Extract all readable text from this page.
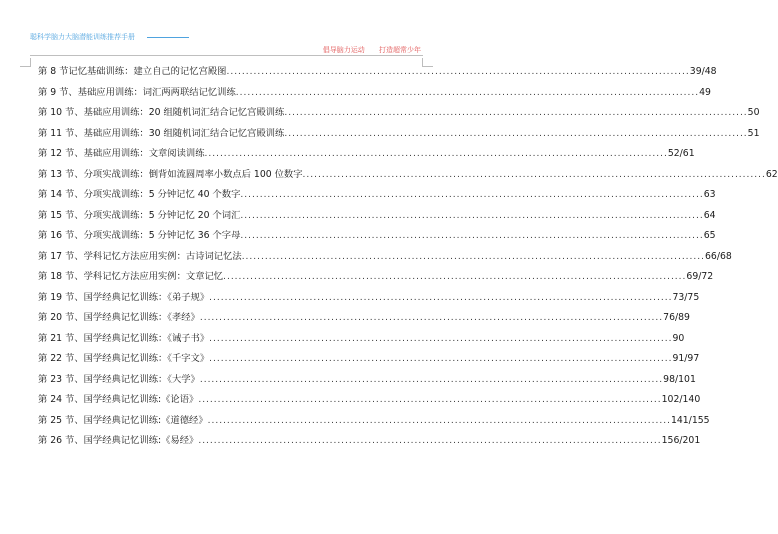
聪科学脑力大脑潜能训练推荐手册
倡导脑力运动 打造超常少年
第 8 节记忆基础训练：建立自己的记忆宫殿图 ........................................................................................................................ 39/48
第 9 节、基础应用训练：词汇两两联结记忆训练 ........................................................................................................................ 49
第 10 节、基础应用训练：20 组随机词汇结合记忆宫殿训练 ........................................................................................................................ 50
第 11 节、基础应用训练：30 组随机词汇结合记忆宫殿训练 ........................................................................................................................ 51
第 12 节、基础应用训练：文章阅读训练 ........................................................................................................................ 52/61
第 13 节、分项实战训练：倒背如流圆周率小数点后 100 位数字 ........................................................................................................................ 62
第 14 节、分项实战训练：5 分钟记忆 40 个数字 ........................................................................................................................ 63
第 15 节、分项实战训练：5 分钟记忆 20 个词汇 ........................................................................................................................ 64
第 16 节、分项实战训练：5 分钟记忆 36 个字母 ........................................................................................................................ 65
第 17 节、学科记忆方法应用实例：古诗词记忆法 ........................................................................................................................ 66/68
第 18 节、学科记忆方法应用实例：文章记忆 ........................................................................................................................ 69/72
第 19 节、国学经典记忆训练：《弟子规》 ........................................................................................................................ 73/75
第 20 节、国学经典记忆训练：《孝经》 ........................................................................................................................ 76/89
第 21 节、国学经典记忆训练：《诫子书》 ........................................................................................................................ 90
第 22 节、国学经典记忆训练：《千字文》 ........................................................................................................................ 91/97
第 23 节、国学经典记忆训练：《大学》 ........................................................................................................................ 98/101
第 24 节、国学经典记忆训练:《论语》 ........................................................................................................................ 102/140
第 25 节、国学经典记忆训练:《道德经》 ........................................................................................................................ 141/155
第 26 节、国学经典记忆训练:《易经》 ........................................................................................................................ 156/201
